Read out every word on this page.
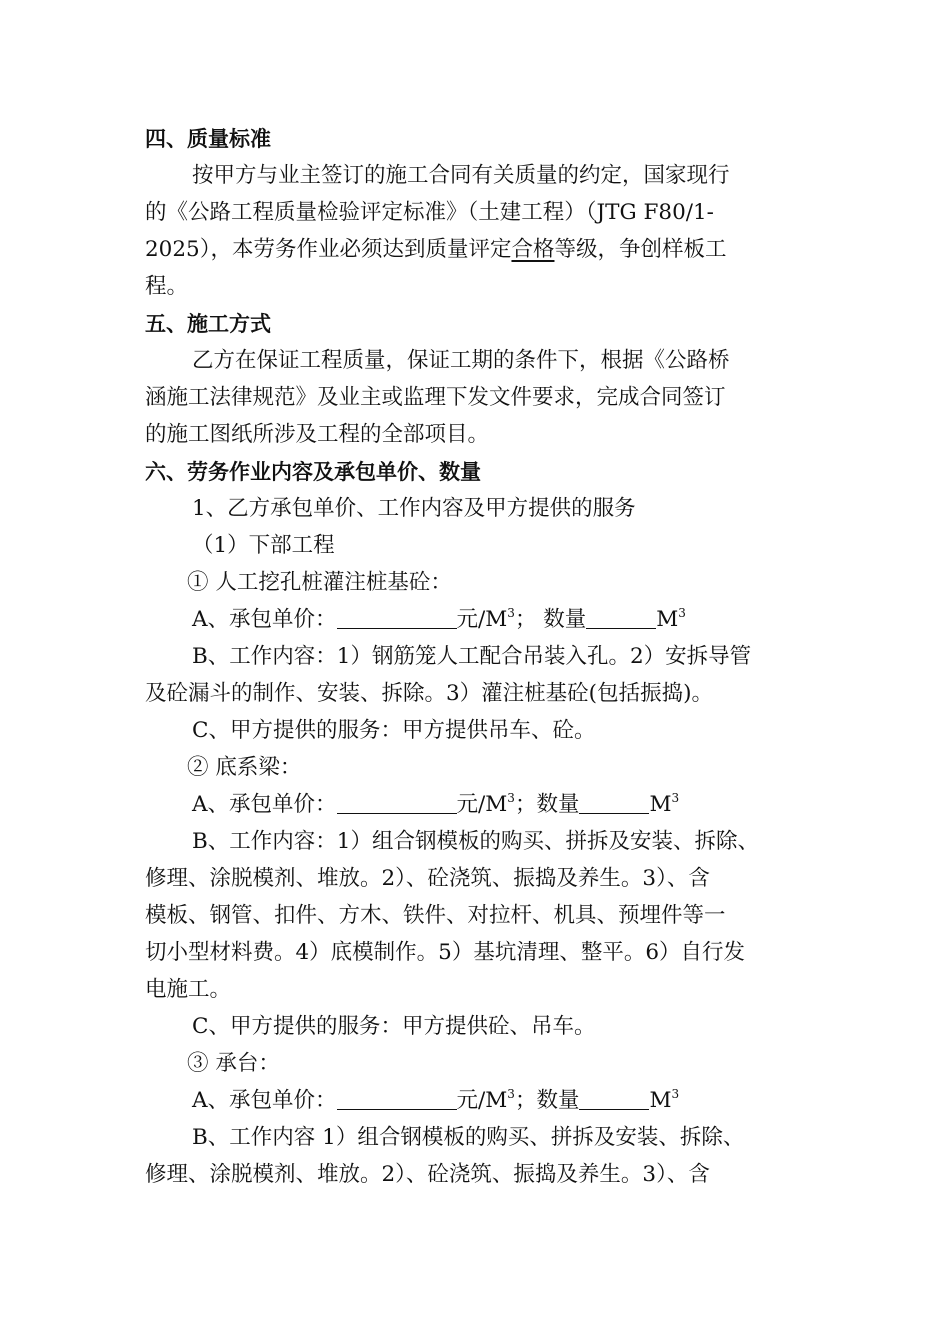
四、质量标准
按甲方与业主签订的施工合同有关质量的约定，国家现行
的《公路工程质量检验评定标准》（土建工程）（JTG F80/1-
2025），本劳务作业必须达到质量评定合格等级，争创样板工
程。
五、施工方式
乙方在保证工程质量，保证工期的条件下，根据《公路桥
涵施工法律规范》及业主或监理下发文件要求，完成合同签订
的施工图纸所涉及工程的全部项目。
六、劳务作业内容及承包单价、数量
1、乙方承包单价、工作内容及甲方提供的服务
（1）下部工程
① 人工挖孔桩灌注桩基砼：
A、承包单价：	元$/M^3$； 数量	$M^3$
B、工作内容：1）钢筋笼人工配合吊装入孔。2）安拆导管
及砼漏斗的制作、安装、拆除。3）灌注桩基砼(包括振捣)。
C、甲方提供的服务：甲方提供吊车、砼。
② 底系梁：
A、承包单价：	元$/M^3$；数量	$M^3$
B、工作内容：1）组合钢模板的购买、拼拆及安装、拆除、
修理、涂脱模剂、堆放。2）、砼浇筑、振捣及养生。3）、含
模板、钢管、扣件、方木、铁件、对拉杆、机具、预埋件等一
切小型材料费。4）底模制作。5）基坑清理、整平。6）自行发
电施工。
C、甲方提供的服务：甲方提供砼、吊车。
③ 承台：
A、承包单价：	元$/M^3$；数量	$M^3$
B、工作内容 1）组合钢模板的购买、拼拆及安装、拆除、
修理、涂脱模剂、堆放。2）、砼浇筑、振捣及养生。3）、含
